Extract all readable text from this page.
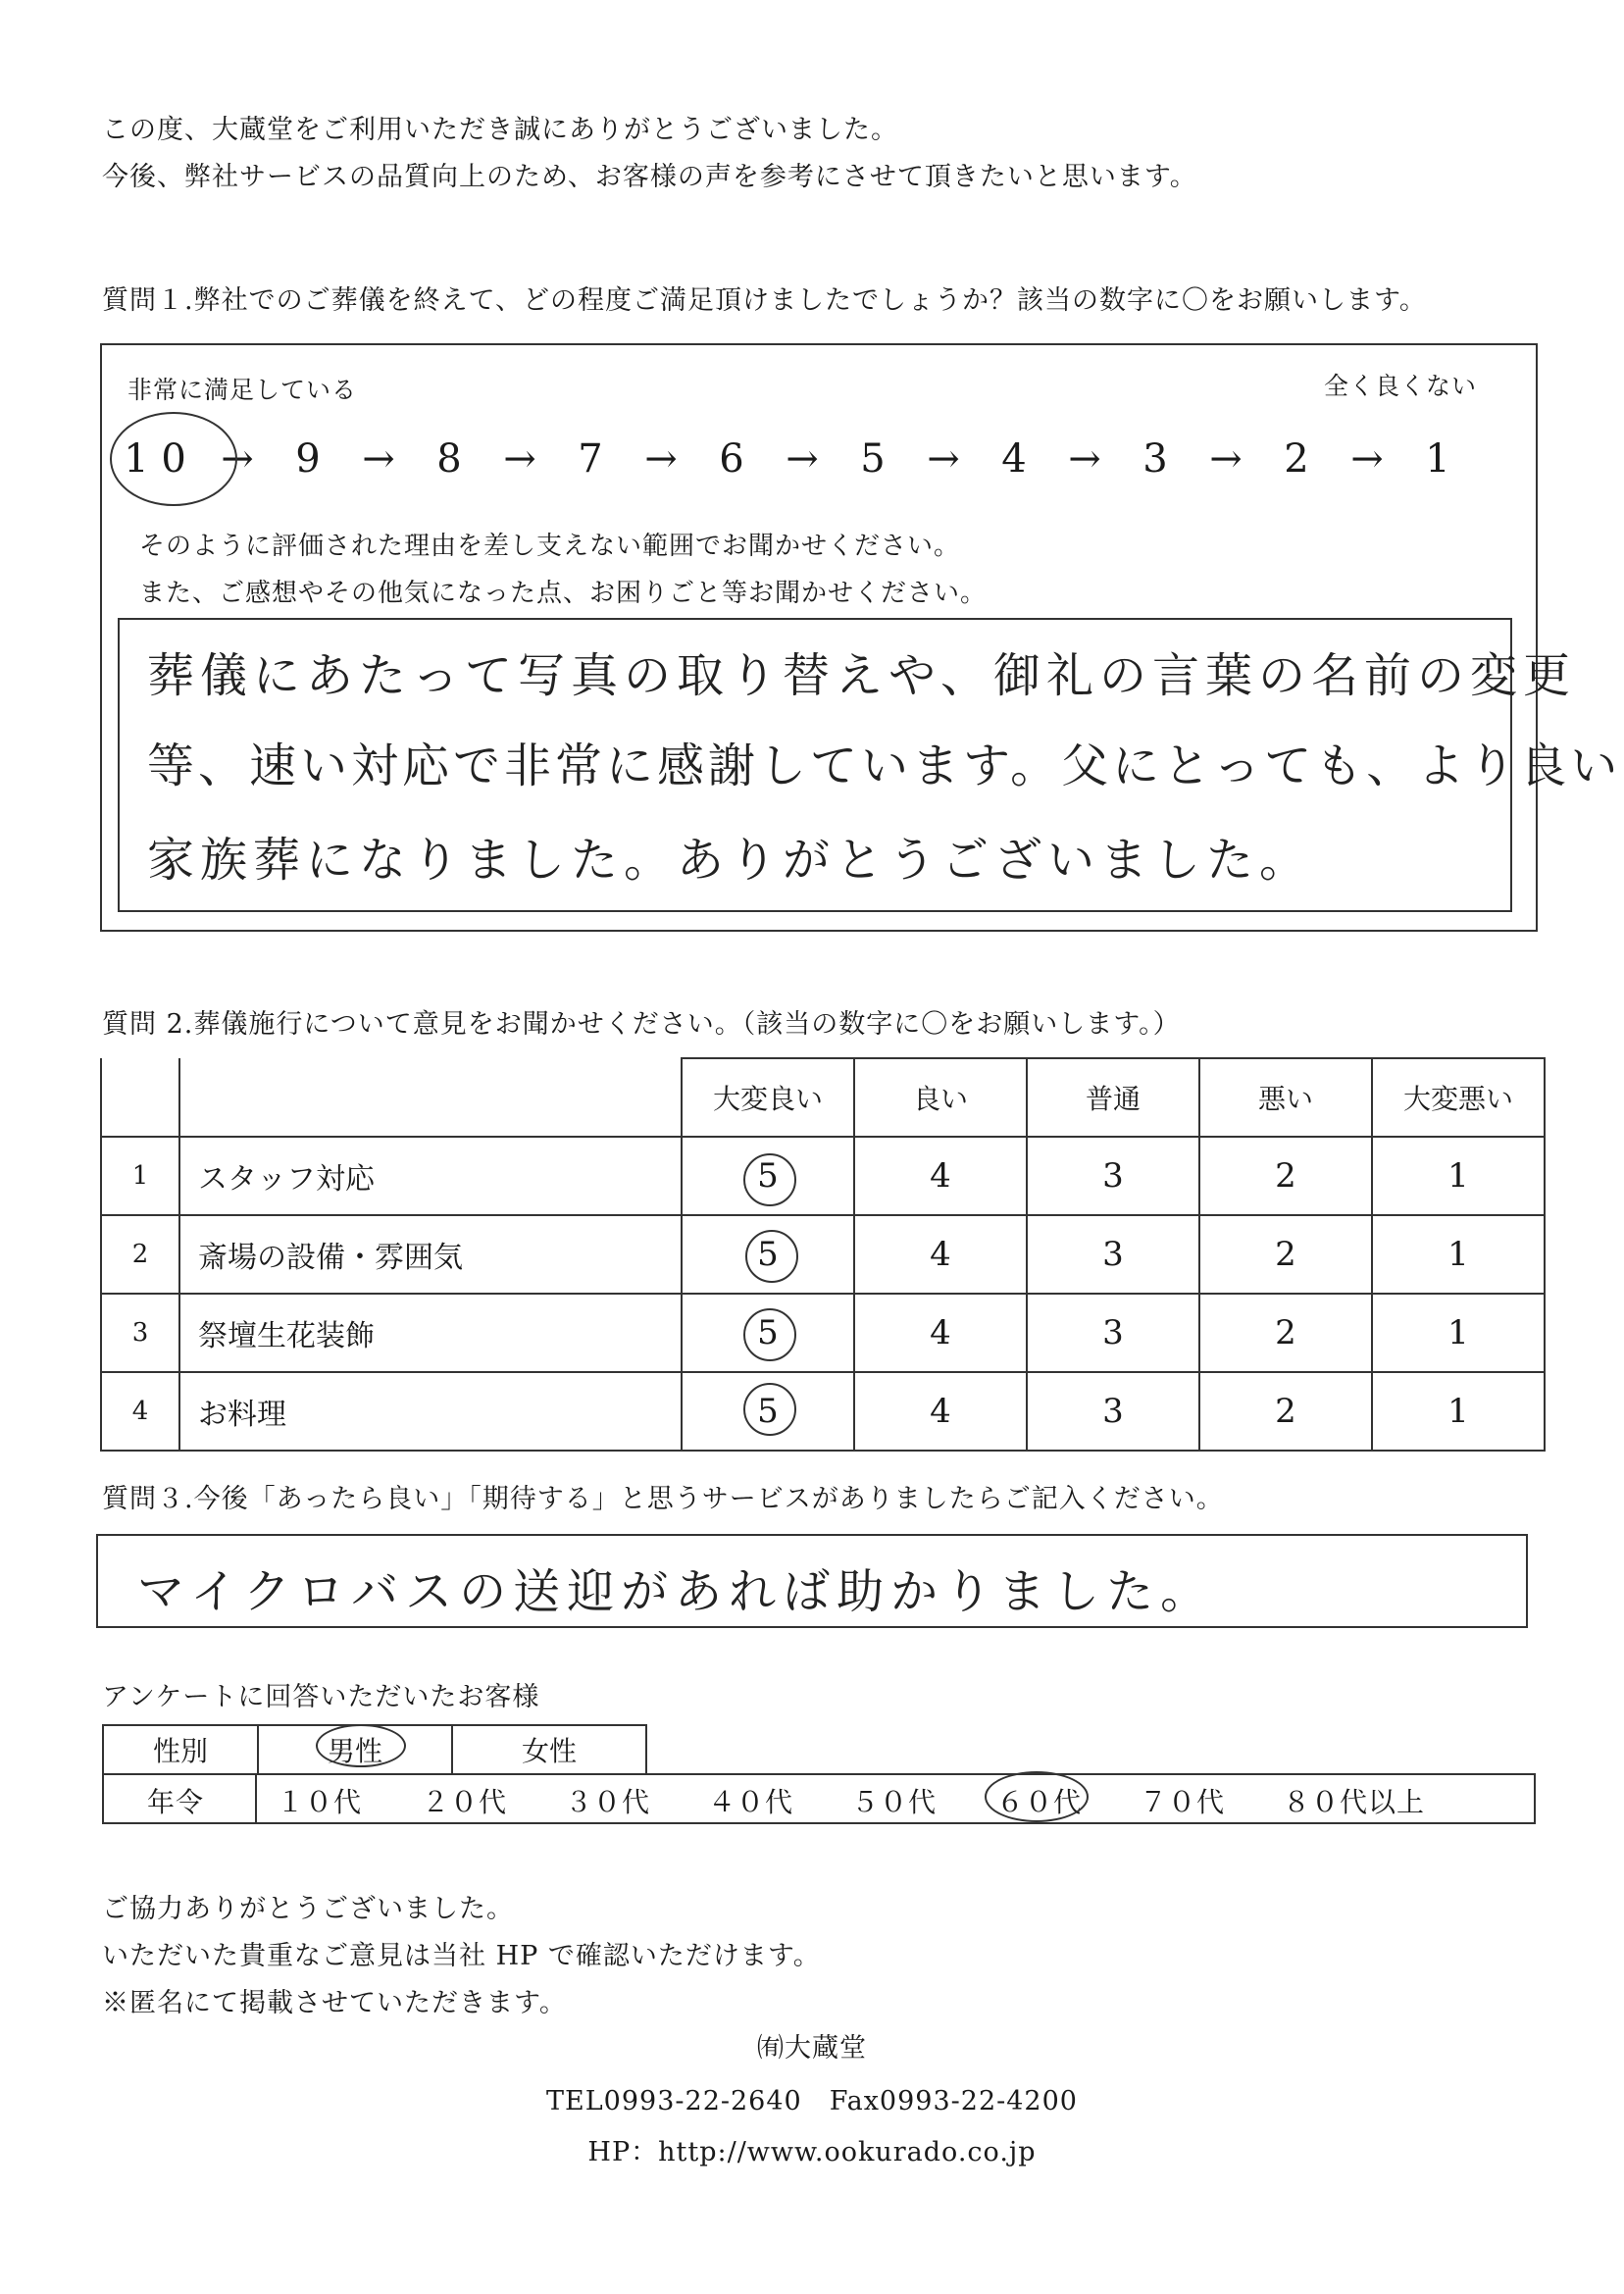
この度、大蔵堂をご利用いただき誠にありがとうございました。
今後、弊社サービスの品質向上のため、お客様の声を参考にさせて頂きたいと思います。
質問１.弊社でのご葬儀を終えて、どの程度ご満足頂けましたでしょうか？該当の数字に〇をお願いします。
非常に満足している	全く良くない
1 0 →	9	→	8	→	7	→	6	→	5	→	4	→	3	→	2	→	1
そのように評価された理由を差し支えない範囲でお聞かせください。
また、ご感想やその他気になった点、お困りごと等お聞かせください。
葬儀にあたって写真の取り替えや、御礼の言葉の名前の変更
等、速い対応で非常に感謝しています。父にとっても、より良い
家族葬になりました。ありがとうございました。
質問 2.葬儀施行について意見をお聞かせください。（該当の数字に〇をお願いします。）
		大変良い	良い	普通	悪い	大変悪い
1	スタッフ対応	5	4	3	2	1
2	斎場の設備・雰囲気	5	4	3	2	1
3	祭壇生花装飾	5	4	3	2	1
4	お料理	5	4	3	2	1
質問３.今後「あったら良い」「期待する」と思うサービスがありましたらご記入ください。
マイクロバスの送迎があれば助かりました。
アンケートに回答いただいたお客様
性別	男性	女性
年令	１０代 ２０代 ３０代 ４０代 ５０代 ６０代 ７０代 ８０代以上
ご協力ありがとうございました。
いただいた貴重なご意見は当社 HP で確認いただけます。
※匿名にて掲載させていただきます。
㈲大蔵堂
TEL0993-22-2640　Fax0993-22-4200
HP：http://www.ookurado.co.jp
